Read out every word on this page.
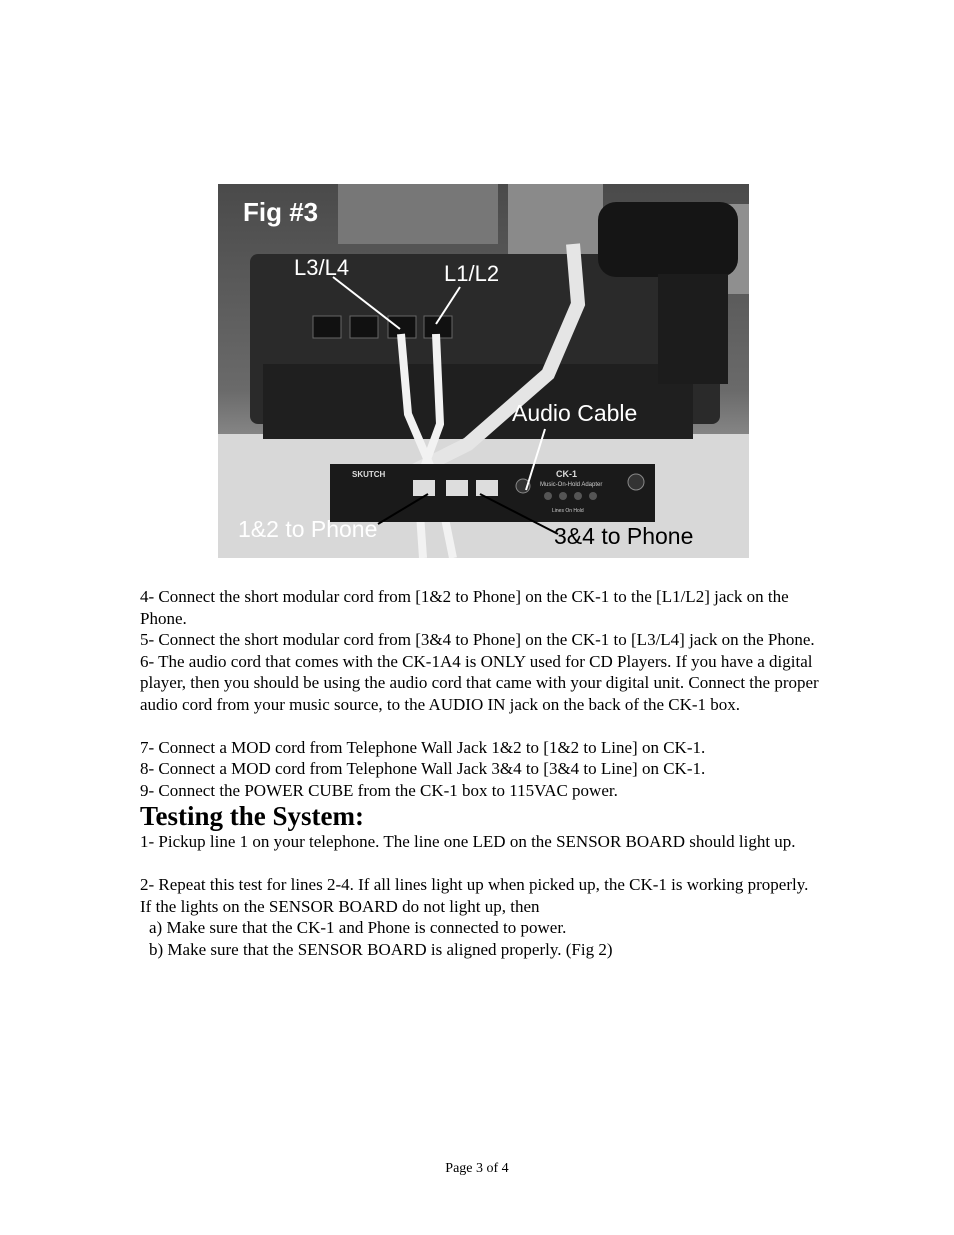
SKUTCH	CK-1
Music-On-Hold Adapter
Lines On Hold
Fig #3
L3/L4	L1/L2
Audio Cable
1&2 to Phone	3&4 to Phone

4- Connect the short modular cord from [1&2 to Phone] on the CK-1 to the [L1/L2] jack on the Phone.

5- Connect the short modular cord from [3&4 to Phone] on the CK-1 to [L3/L4] jack on the Phone.

6- The audio cord that comes with the CK-1A4 is ONLY used for CD Players. If you have a digital player, then you should be using the audio cord that came with your digital unit. Connect the proper audio cord from your music source, to the AUDIO IN jack on the back of the CK-1 box.

7- Connect a MOD cord from Telephone Wall Jack 1&2 to [1&2 to Line] on CK-1.

8- Connect a MOD cord from Telephone Wall Jack 3&4 to [3&4 to Line] on CK-1.

9- Connect the POWER CUBE from the CK-1 box to 115VAC power.

Testing the System:

1- Pickup line 1 on your telephone. The line one LED on the SENSOR BOARD should light up.

2- Repeat this test for lines 2-4. If all lines light up when picked up, the CK-1 is working properly. If the lights on the SENSOR BOARD do not light up, then

a) Make sure that the CK-1 and Phone is connected to power.

b) Make sure that the SENSOR BOARD is aligned properly. (Fig 2)

Page 3 of 4
